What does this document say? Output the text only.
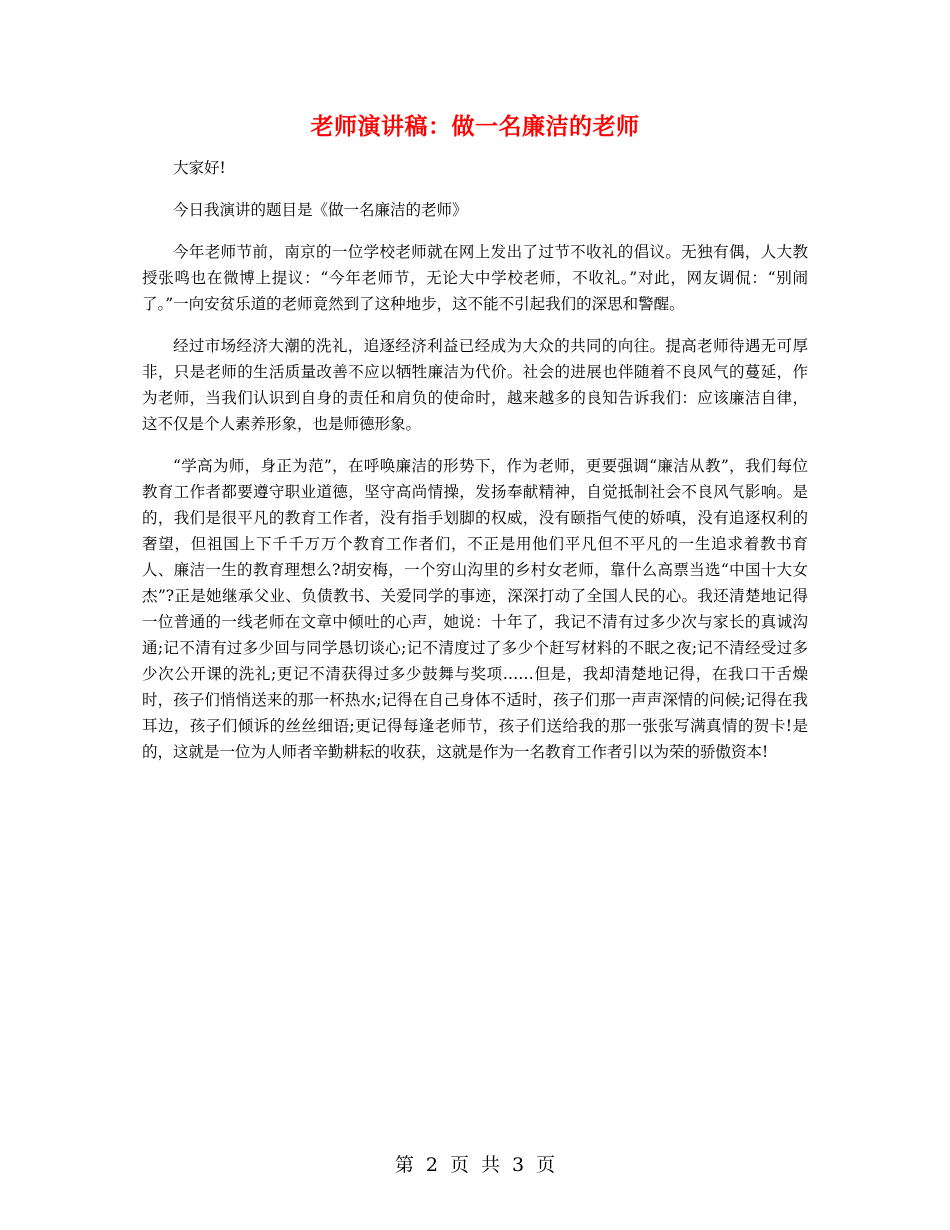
老师演讲稿：做一名廉洁的老师

大家好!

今日我演讲的题目是《做一名廉洁的老师》

今年老师节前，南京的一位学校老师就在网上发出了过节不收礼的倡议。无独有偶，人大教授张鸣也在微博上提议：“今年老师节，无论大中学校老师，不收礼。”对此，网友调侃：“别闹了。”一向安贫乐道的老师竟然到了这种地步，这不能不引起我们的深思和警醒。

经过市场经济大潮的洗礼，追逐经济利益已经成为大众的共同的向往。提高老师待遇无可厚非，只是老师的生活质量改善不应以牺牲廉洁为代价。社会的进展也伴随着不良风气的蔓延，作为老师，当我们认识到自身的责任和肩负的使命时，越来越多的良知告诉我们：应该廉洁自律，这不仅是个人素养形象，也是师德形象。

“学高为师，身正为范”，在呼唤廉洁的形势下，作为老师，更要强调“廉洁从教”，我们每位教育工作者都要遵守职业道德，坚守高尚情操，发扬奉献精神，自觉抵制社会不良风气影响。是的，我们是很平凡的教育工作者，没有指手划脚的权威，没有颐指气使的娇嗔，没有追逐权利的奢望，但祖国上下千千万万个教育工作者们，不正是用他们平凡但不平凡的一生追求着教书育人、廉洁一生的教育理想么?胡安梅，一个穷山沟里的乡村女老师，靠什么高票当选“中国十大女杰”?正是她继承父业、负债教书、关爱同学的事迹，深深打动了全国人民的心。我还清楚地记得一位普通的一线老师在文章中倾吐的心声，她说：十年了，我记不清有过多少次与家长的真诚沟通;记不清有过多少回与同学恳切谈心;记不清度过了多少个赶写材料的不眠之夜;记不清经受过多少次公开课的洗礼;更记不清获得过多少鼓舞与奖项……但是，我却清楚地记得，在我口干舌燥时，孩子们悄悄送来的那一杯热水;记得在自己身体不适时，孩子们那一声声深情的问候;记得在我耳边，孩子们倾诉的丝丝细语;更记得每逢老师节，孩子们送给我的那一张张写满真情的贺卡!是的，这就是一位为人师者辛勤耕耘的收获，这就是作为一名教育工作者引以为荣的骄傲资本!

第 2 页 共 3 页
